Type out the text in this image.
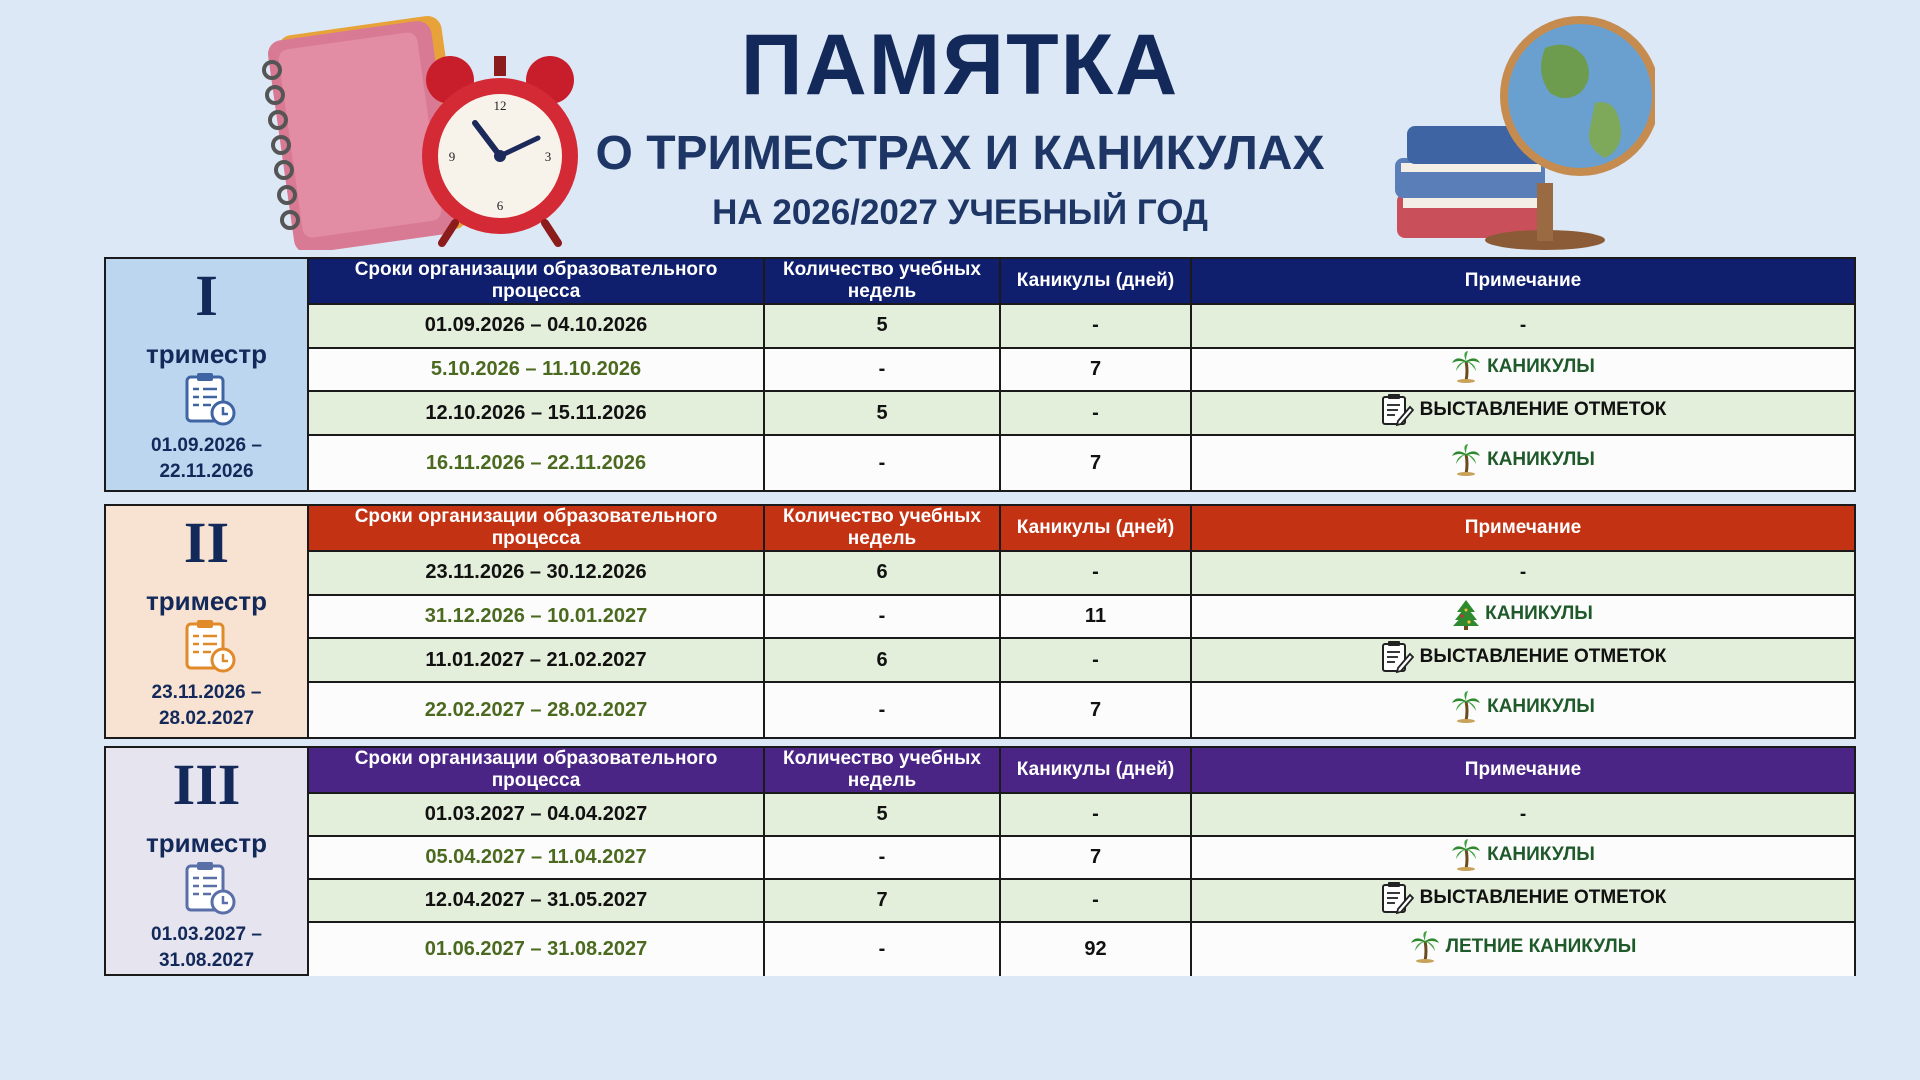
12
3
6
9
ПАМЯТКА
О ТРИМЕСТРАХ И КАНИКУЛАХ
НА 2026/2027 УЧЕБНЫЙ ГОД
I
триместр
01.09.2026 –
22.11.2026
Сроки организации образовательного процесса	Количество учебных недель	Каникулы (дней)	Примечание
01.09.2026 – 04.10.2026	5	-	-

5.10.2026 – 11.10.2026	-	7	КАНИКУЛЫ

12.10.2026 – 15.11.2026	5	-	ВЫСТАВЛЕНИЕ ОТМЕТОК

16.11.2026 – 22.11.2026	-	7	КАНИКУЛЫ
II
триместр
23.11.2026 –
28.02.2027
Сроки организации образовательного процесса	Количество учебных недель	Каникулы (дней)	Примечание
23.11.2026 – 30.12.2026	6	-	-

31.12.2026 – 10.01.2027	-	11	КАНИКУЛЫ

11.01.2027 – 21.02.2027	6	-	ВЫСТАВЛЕНИЕ ОТМЕТОК

22.02.2027 – 28.02.2027	-	7	КАНИКУЛЫ
III
триместр
01.03.2027 –
31.08.2027
Сроки организации образовательного процесса	Количество учебных недель	Каникулы (дней)	Примечание
01.03.2027 – 04.04.2027	5	-	-

05.04.2027 – 11.04.2027	-	7	КАНИКУЛЫ

12.04.2027 – 31.05.2027	7	-	ВЫСТАВЛЕНИЕ ОТМЕТОК

01.06.2027 – 31.08.2027	-	92	ЛЕТНИЕ КАНИКУЛЫ
